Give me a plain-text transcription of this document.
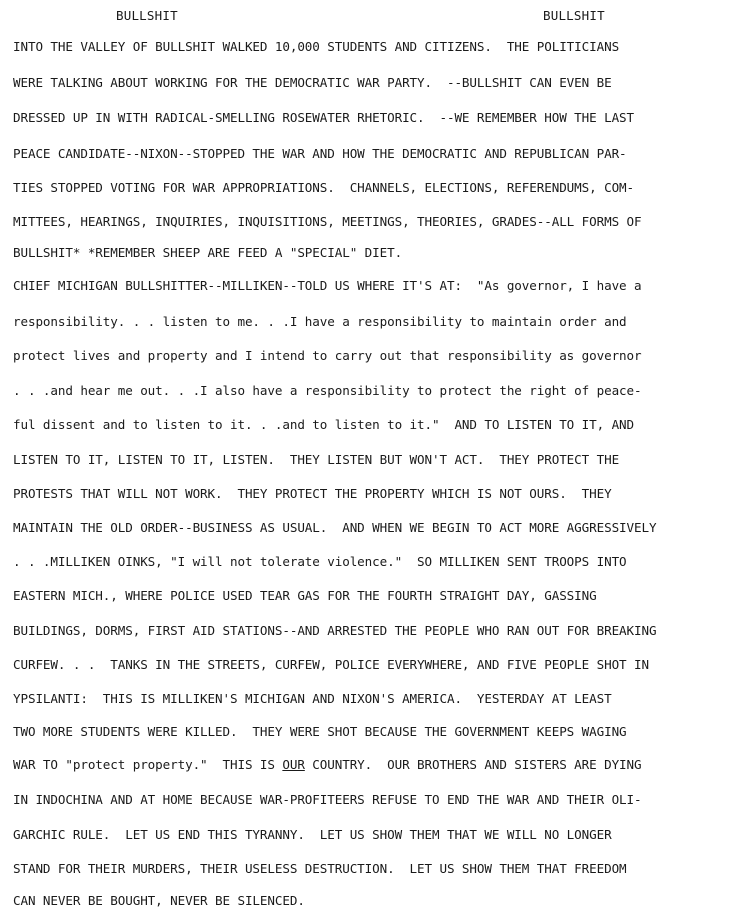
BULLSHIT	BULLSHIT
INTO THE VALLEY OF BULLSHIT WALKED 10,000 STUDENTS AND CITIZENS.  THE POLITICIANS
WERE TALKING ABOUT WORKING FOR THE DEMOCRATIC WAR PARTY.  --BULLSHIT CAN EVEN BE
DRESSED UP IN WITH RADICAL-SMELLING ROSEWATER RHETORIC.  --WE REMEMBER HOW THE LAST
PEACE CANDIDATE--NIXON--STOPPED THE WAR AND HOW THE DEMOCRATIC AND REPUBLICAN PAR-
TIES STOPPED VOTING FOR WAR APPROPRIATIONS.  CHANNELS, ELECTIONS, REFERENDUMS, COM-
MITTEES, HEARINGS, INQUIRIES, INQUISITIONS, MEETINGS, THEORIES, GRADES--ALL FORMS OF
BULLSHIT* *REMEMBER SHEEP ARE FEED A "SPECIAL" DIET.
CHIEF MICHIGAN BULLSHITTER--MILLIKEN--TOLD US WHERE IT'S AT:  "As governor, I have a
responsibility. . . listen to me. . .I have a responsibility to maintain order and
protect lives and property and I intend to carry out that responsibility as governor
. . .and hear me out. . .I also have a responsibility to protect the right of peace-
ful dissent and to listen to it. . .and to listen to it."  AND TO LISTEN TO IT, AND
LISTEN TO IT, LISTEN TO IT, LISTEN.  THEY LISTEN BUT WON'T ACT.  THEY PROTECT THE
PROTESTS THAT WILL NOT WORK.  THEY PROTECT THE PROPERTY WHICH IS NOT OURS.  THEY
MAINTAIN THE OLD ORDER--BUSINESS AS USUAL.  AND WHEN WE BEGIN TO ACT MORE AGGRESSIVELY
. . .MILLIKEN OINKS, "I will not tolerate violence."  SO MILLIKEN SENT TROOPS INTO
EASTERN MICH., WHERE POLICE USED TEAR GAS FOR THE FOURTH STRAIGHT DAY, GASSING
BUILDINGS, DORMS, FIRST AID STATIONS--AND ARRESTED THE PEOPLE WHO RAN OUT FOR BREAKING
CURFEW. . .  TANKS IN THE STREETS, CURFEW, POLICE EVERYWHERE, AND FIVE PEOPLE SHOT IN
YPSILANTI:  THIS IS MILLIKEN'S MICHIGAN AND NIXON'S AMERICA.  YESTERDAY AT LEAST
TWO MORE STUDENTS WERE KILLED.  THEY WERE SHOT BECAUSE THE GOVERNMENT KEEPS WAGING
WAR TO "protect property."  THIS IS OUR COUNTRY.  OUR BROTHERS AND SISTERS ARE DYING
IN INDOCHINA AND AT HOME BECAUSE WAR-PROFITEERS REFUSE TO END THE WAR AND THEIR OLI-
GARCHIC RULE.  LET US END THIS TYRANNY.  LET US SHOW THEM THAT WE WILL NO LONGER
STAND FOR THEIR MURDERS, THEIR USELESS DESTRUCTION.  LET US SHOW THEM THAT FREEDOM
CAN NEVER BE BOUGHT, NEVER BE SILENCED.
